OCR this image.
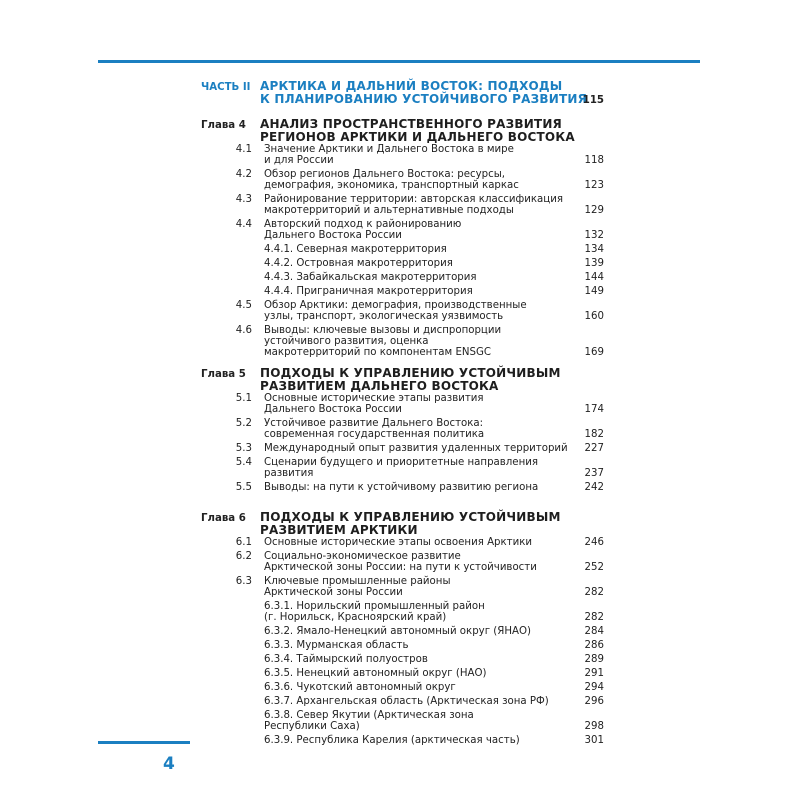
ЧАСТЬ II АРКТИКА И ДАЛЬНИЙ ВОСТОК: ПОДХОДЫ
К ПЛАНИРОВАНИЮ УСТОЙЧИВОГО РАЗВИТИЯ
115
Глава 4 АНАЛИЗ ПРОСТРАНСТВЕННОГО РАЗВИТИЯ
РЕГИОНОВ АРКТИКИ И ДАЛЬНЕГО ВОСТОКА
4.1 Значение Арктики и Дальнего Востока в мире
и для России	118
4.2 Обзор регионов Дальнего Востока: ресурсы,
демография, экономика, транспортный каркас	123
4.3 Районирование территории: авторская классификация
макротерриторий и альтернативные подходы	129
4.4 Авторский подход к районированию
Дальнего Востока России	132
4.4.1. Северная макротерритория	134
4.4.2. Островная макротерритория	139
4.4.3. Забайкальская макротерритория	144
4.4.4. Приграничная макротерритория	149
4.5 Обзор Арктики: демография, производственные
узлы, транспорт, экологическая уязвимость	160
4.6 Выводы: ключевые вызовы и диспропорции
устойчивого развития, оценка
макротерриторий по компонентам ENSGC	169
Глава 5 ПОДХОДЫ К УПРАВЛЕНИЮ УСТОЙЧИВЫМ
РАЗВИТИЕМ ДАЛЬНЕГО ВОСТОКА
5.1 Основные исторические этапы развития
Дальнего Востока России	174
5.2 Устойчивое развитие Дальнего Востока:
современная государственная политика	182
5.3 Международный опыт развития удаленных территорий	227
5.4 Сценарии будущего и приоритетные направления
развития	237
5.5 Выводы: на пути к устойчивому развитию региона	242
Глава 6 ПОДХОДЫ К УПРАВЛЕНИЮ УСТОЙЧИВЫМ
РАЗВИТИЕМ АРКТИКИ
6.1 Основные исторические этапы освоения Арктики	246
6.2 Социально-экономическое развитие
Арктической зоны России: на пути к устойчивости	252
6.3 Ключевые промышленные районы
Арктической зоны России	282
6.3.1. Норильский промышленный район
(г. Норильск, Красноярский край)	282
6.3.2. Ямало-Ненецкий автономный округ (ЯНАО)	284
6.3.3. Мурманская область	286
6.3.4. Таймырский полуостров	289
6.3.5. Ненецкий автономный округ (НАО)	291
6.3.6. Чукотский автономный округ	294
6.3.7. Архангельская область (Арктическая зона РФ)	296
6.3.8. Север Якутии (Арктическая зона
Республики Саха)	298
6.3.9. Республика Карелия (арктическая часть)	301
4
